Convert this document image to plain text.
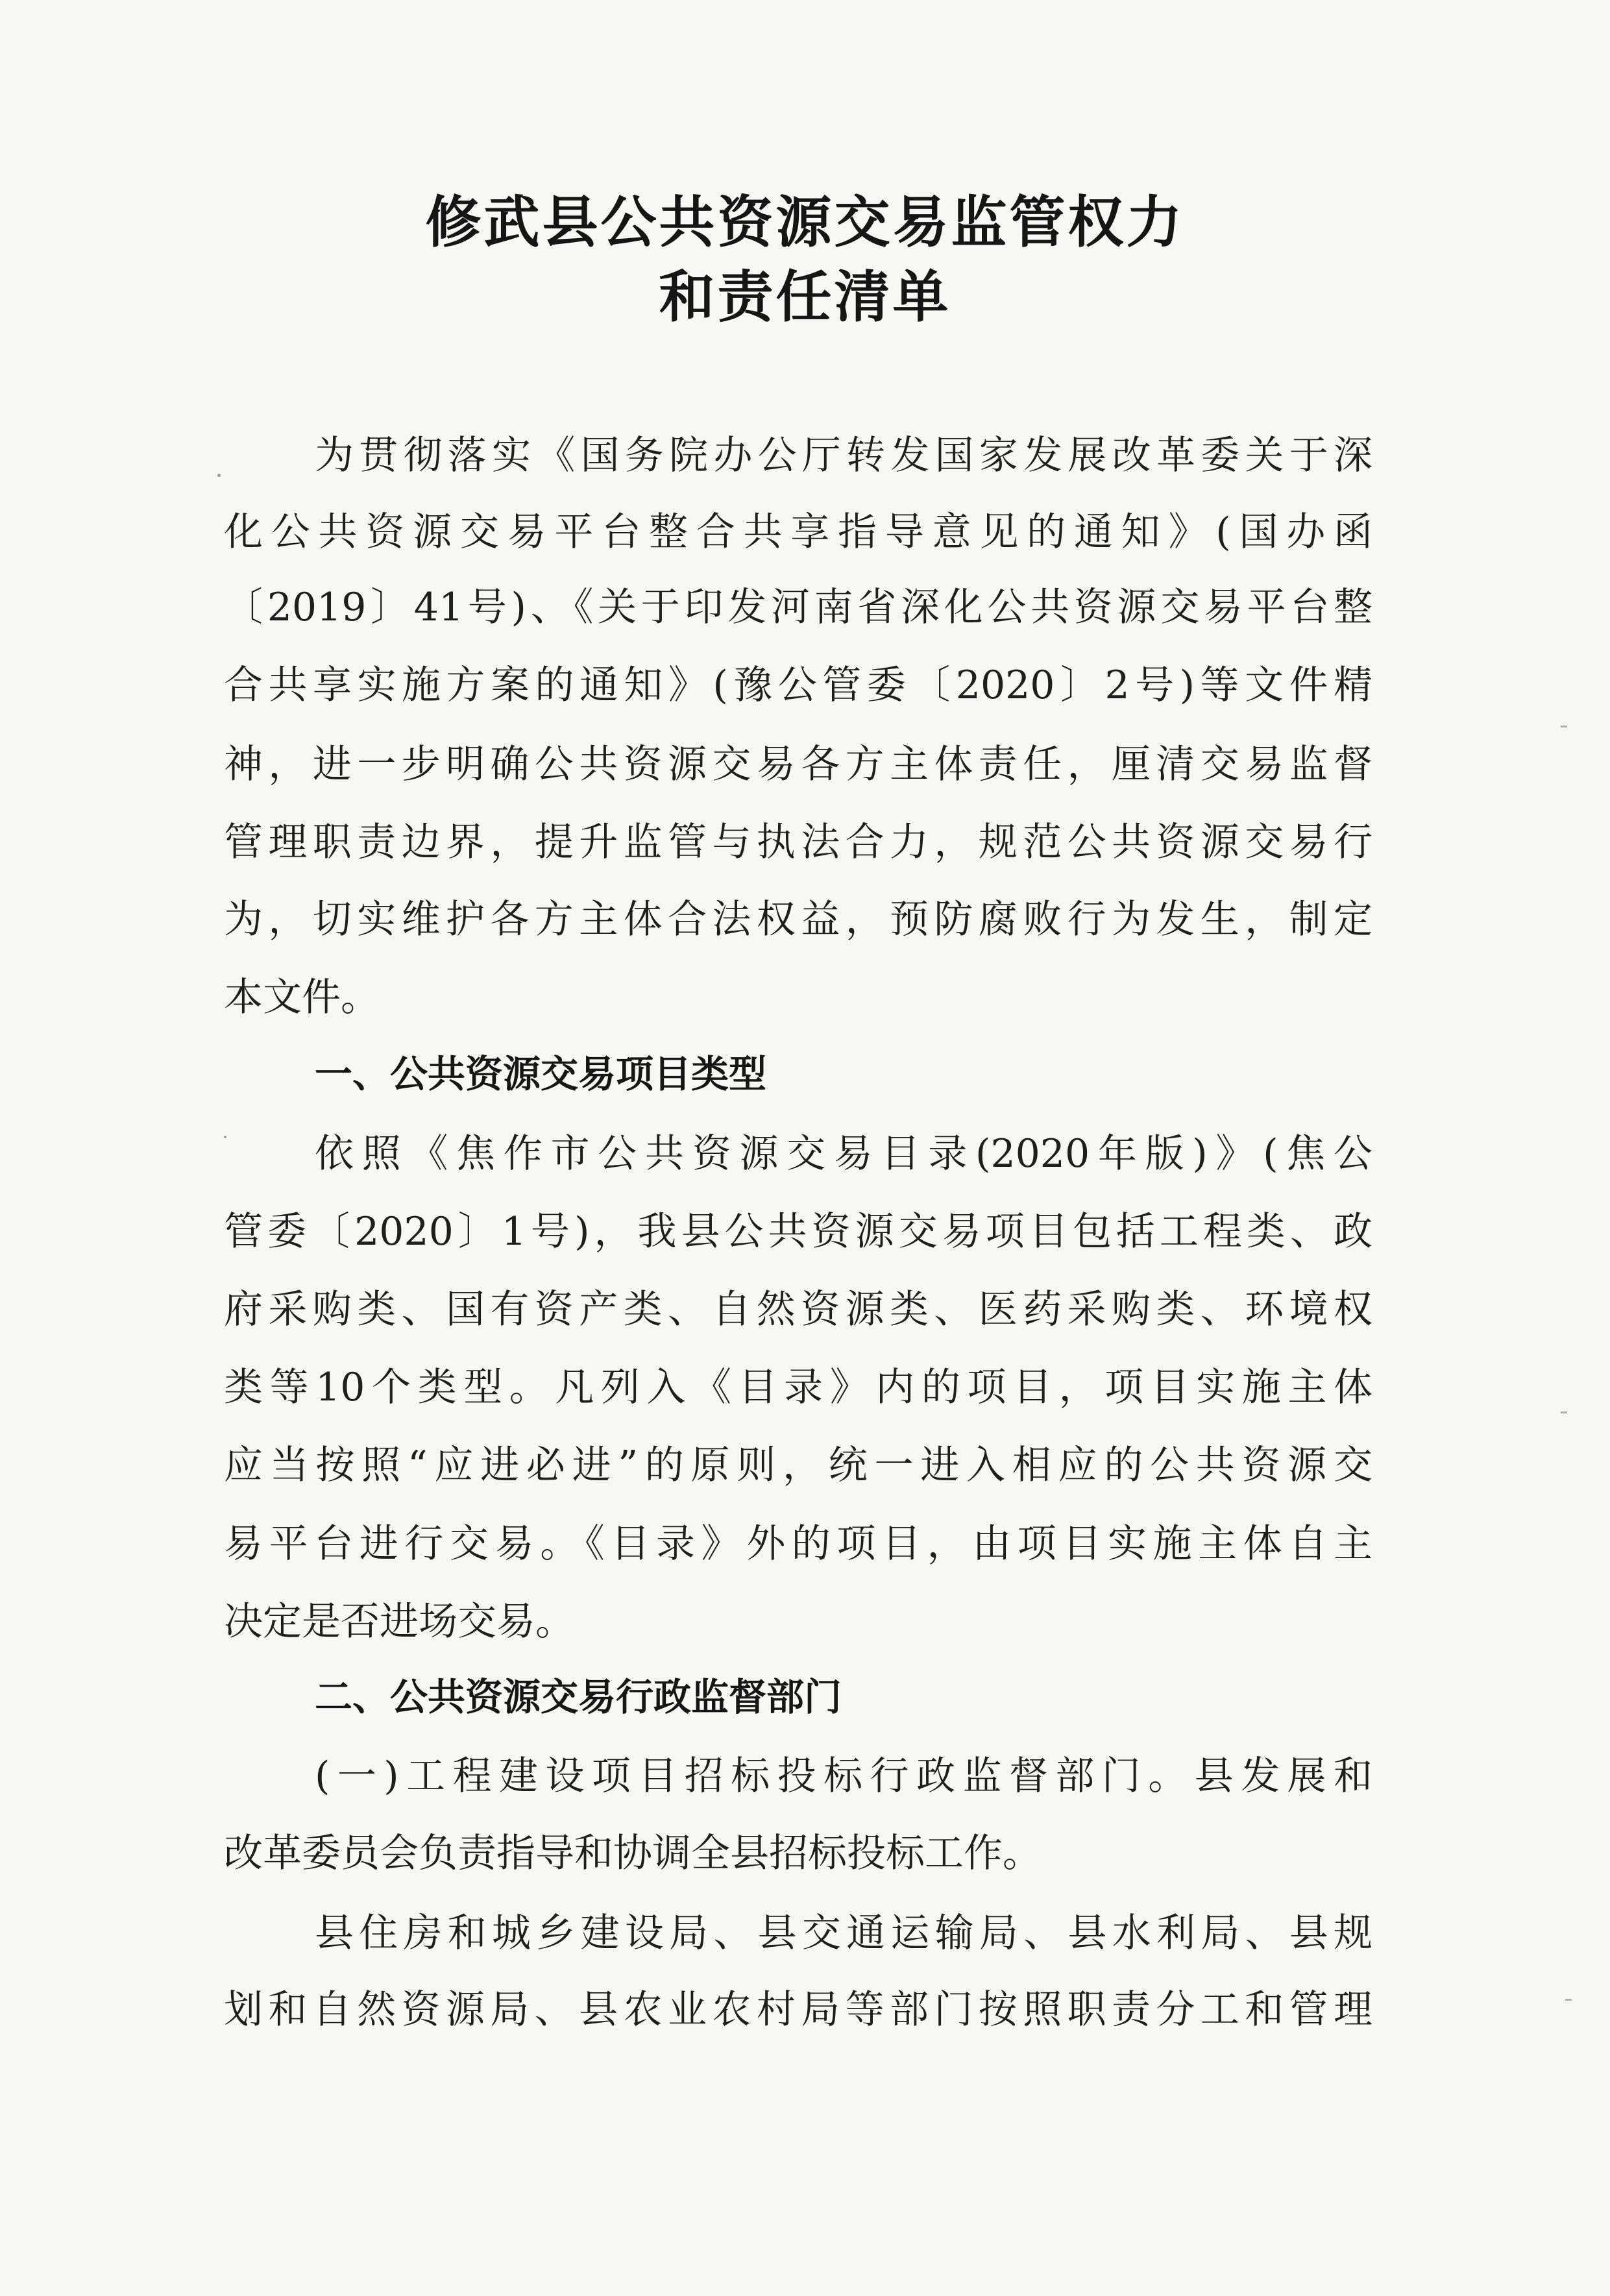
修武县公共资源交易监管权力
和责任清单
为贯彻落实《国务院办公厅转发国家发展改革委关于深
化公共资源交易平台整合共享指导意见的通知》(国办函
〔2019〕41号)、《关于印发河南省深化公共资源交易平台整
合共享实施方案的通知》(豫公管委〔2020〕2号)等文件精
神，进一步明确公共资源交易各方主体责任，厘清交易监督
管理职责边界，提升监管与执法合力，规范公共资源交易行
为，切实维护各方主体合法权益，预防腐败行为发生，制定
本文件。
一、公共资源交易项目类型
依照《焦作市公共资源交易目录(2020年版)》(焦公
管委〔2020〕1号)，我县公共资源交易项目包括工程类、政
府采购类、国有资产类、自然资源类、医药采购类、环境权
类等10个类型。凡列入《目录》内的项目，项目实施主体
应当按照“应进必进”的原则，统一进入相应的公共资源交
易平台进行交易。《目录》外的项目，由项目实施主体自主
决定是否进场交易。
二、公共资源交易行政监督部门
(一)工程建设项目招标投标行政监督部门。县发展和
改革委员会负责指导和协调全县招标投标工作。
县住房和城乡建设局、县交通运输局、县水利局、县规
划和自然资源局、县农业农村局等部门按照职责分工和管理
